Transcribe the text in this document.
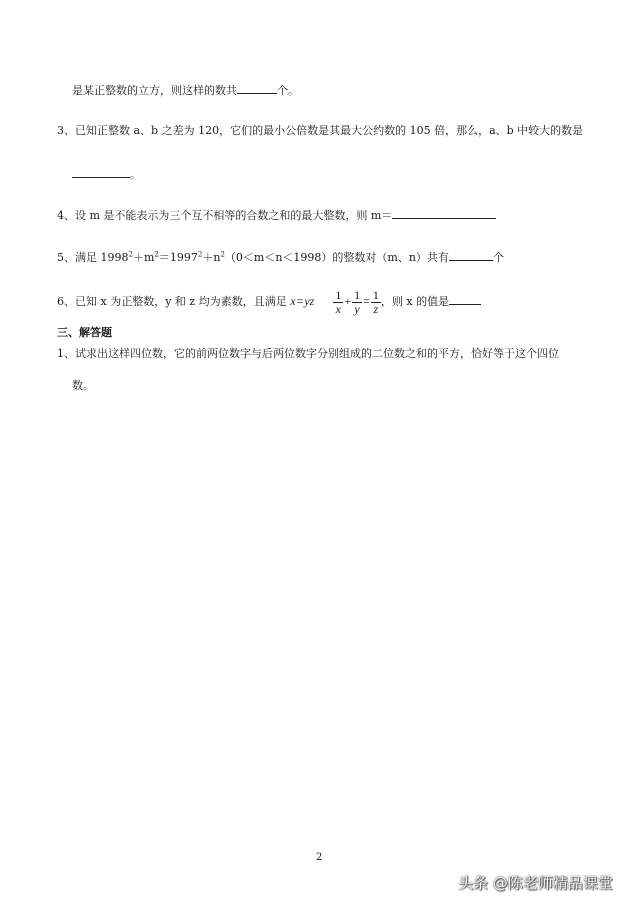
是某正整数的立方，则这样的数共	个。
3、已知正整数 a、b 之差为 120，它们的最小公倍数是其最大公约数的 105 倍，那么，a、b 中较大的数是
。
4、设 m 是不能表示为三个互不相等的合数之和的最大整数，则 m＝
5、满足 $1998^2+m^2=1997^2+n^2(0<m<n<1998)$的整数对（m、n）共有	个
6、已知 x 为正整数，y 和 z 均为素数，且满足 $x=yz \frac{1}{x} + \frac{1}{y} = \frac{1}{z}$ ，则 x 的值是
三、解答题
1、试求出这样四位数，它的前两位数字与后两位数字分别组成的二位数之和的平方，恰好等于这个四位
数。
2
头条 @陈老师精品课堂
